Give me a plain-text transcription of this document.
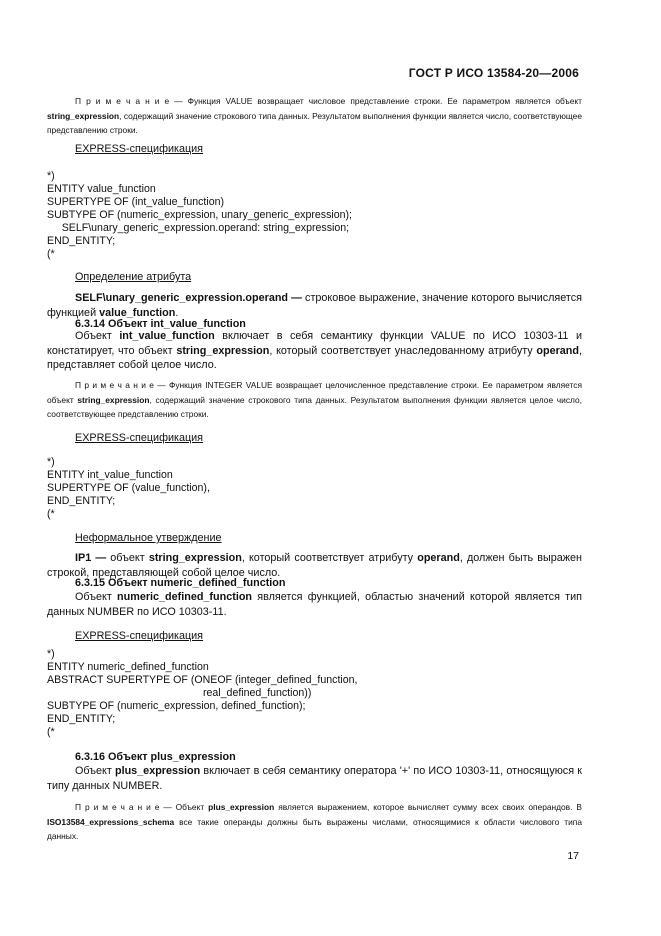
ГОСТ Р ИСО 13584-20—2006
П р и м е ч а н и е — Функция VALUE возвращает числовое представление строки. Ее параметром является объект string_expression, содержащий значение строкового типа данных. Результатом выполнения функции является число, соответствующее представлению строки.
EXPRESS-спецификация
*)
ENTITY value_function
SUPERTYPE OF (int_value_function)
SUBTYPE OF (numeric_expression, unary_generic_expression);
SELF\unary_generic_expression.operand: string_expression;
END_ENTITY;
(*
Определение атрибута
SELF\unary_generic_expression.operand — строковое выражение, значение которого вычисляется функцией value_function.
6.3.14 Объект int_value_function
Объект int_value_function включает в себя семантику функции VALUE по ИСО 10303-11 и констатирует, что объект string_expression, который соответствует унаследованному атрибуту operand, представляет собой целое число.
П р и м е ч а н и е — Функция INTEGER VALUE возвращает целочисленное представление строки. Ее параметром является объект string_expression, содержащий значение строкового типа данных. Результатом выполнения функции является целое число, соответствующее представлению строки.
EXPRESS-спецификация
*)
ENTITY int_value_function
SUPERTYPE OF (value_function),
END_ENTITY;
(*
Неформальное утверждение
IP1 — объект string_expression, который соответствует атрибуту operand, должен быть выражен строкой, представляющей собой целое число.
6.3.15 Объект numeric_defined_function
Объект numeric_defined_function является функцией, областью значений которой является тип данных NUMBER по ИСО 10303-11.
EXPRESS-спецификация
*)
ENTITY numeric_defined_function
ABSTRACT SUPERTYPE OF (ONEOF (integer_defined_function,
real_defined_function))
SUBTYPE OF (numeric_expression, defined_function);
END_ENTITY;
(*
6.3.16 Объект plus_expression
Объект plus_expression включает в себя семантику оператора '+' по ИСО 10303-11, относящуюся к типу данных NUMBER.
П р и м е ч а н и е — Объект plus_expression является выражением, которое вычисляет сумму всех своих операндов. В ISO13584_expressions_schema все такие операнды должны быть выражены числами, относящимися к области числового типа данных.
17
